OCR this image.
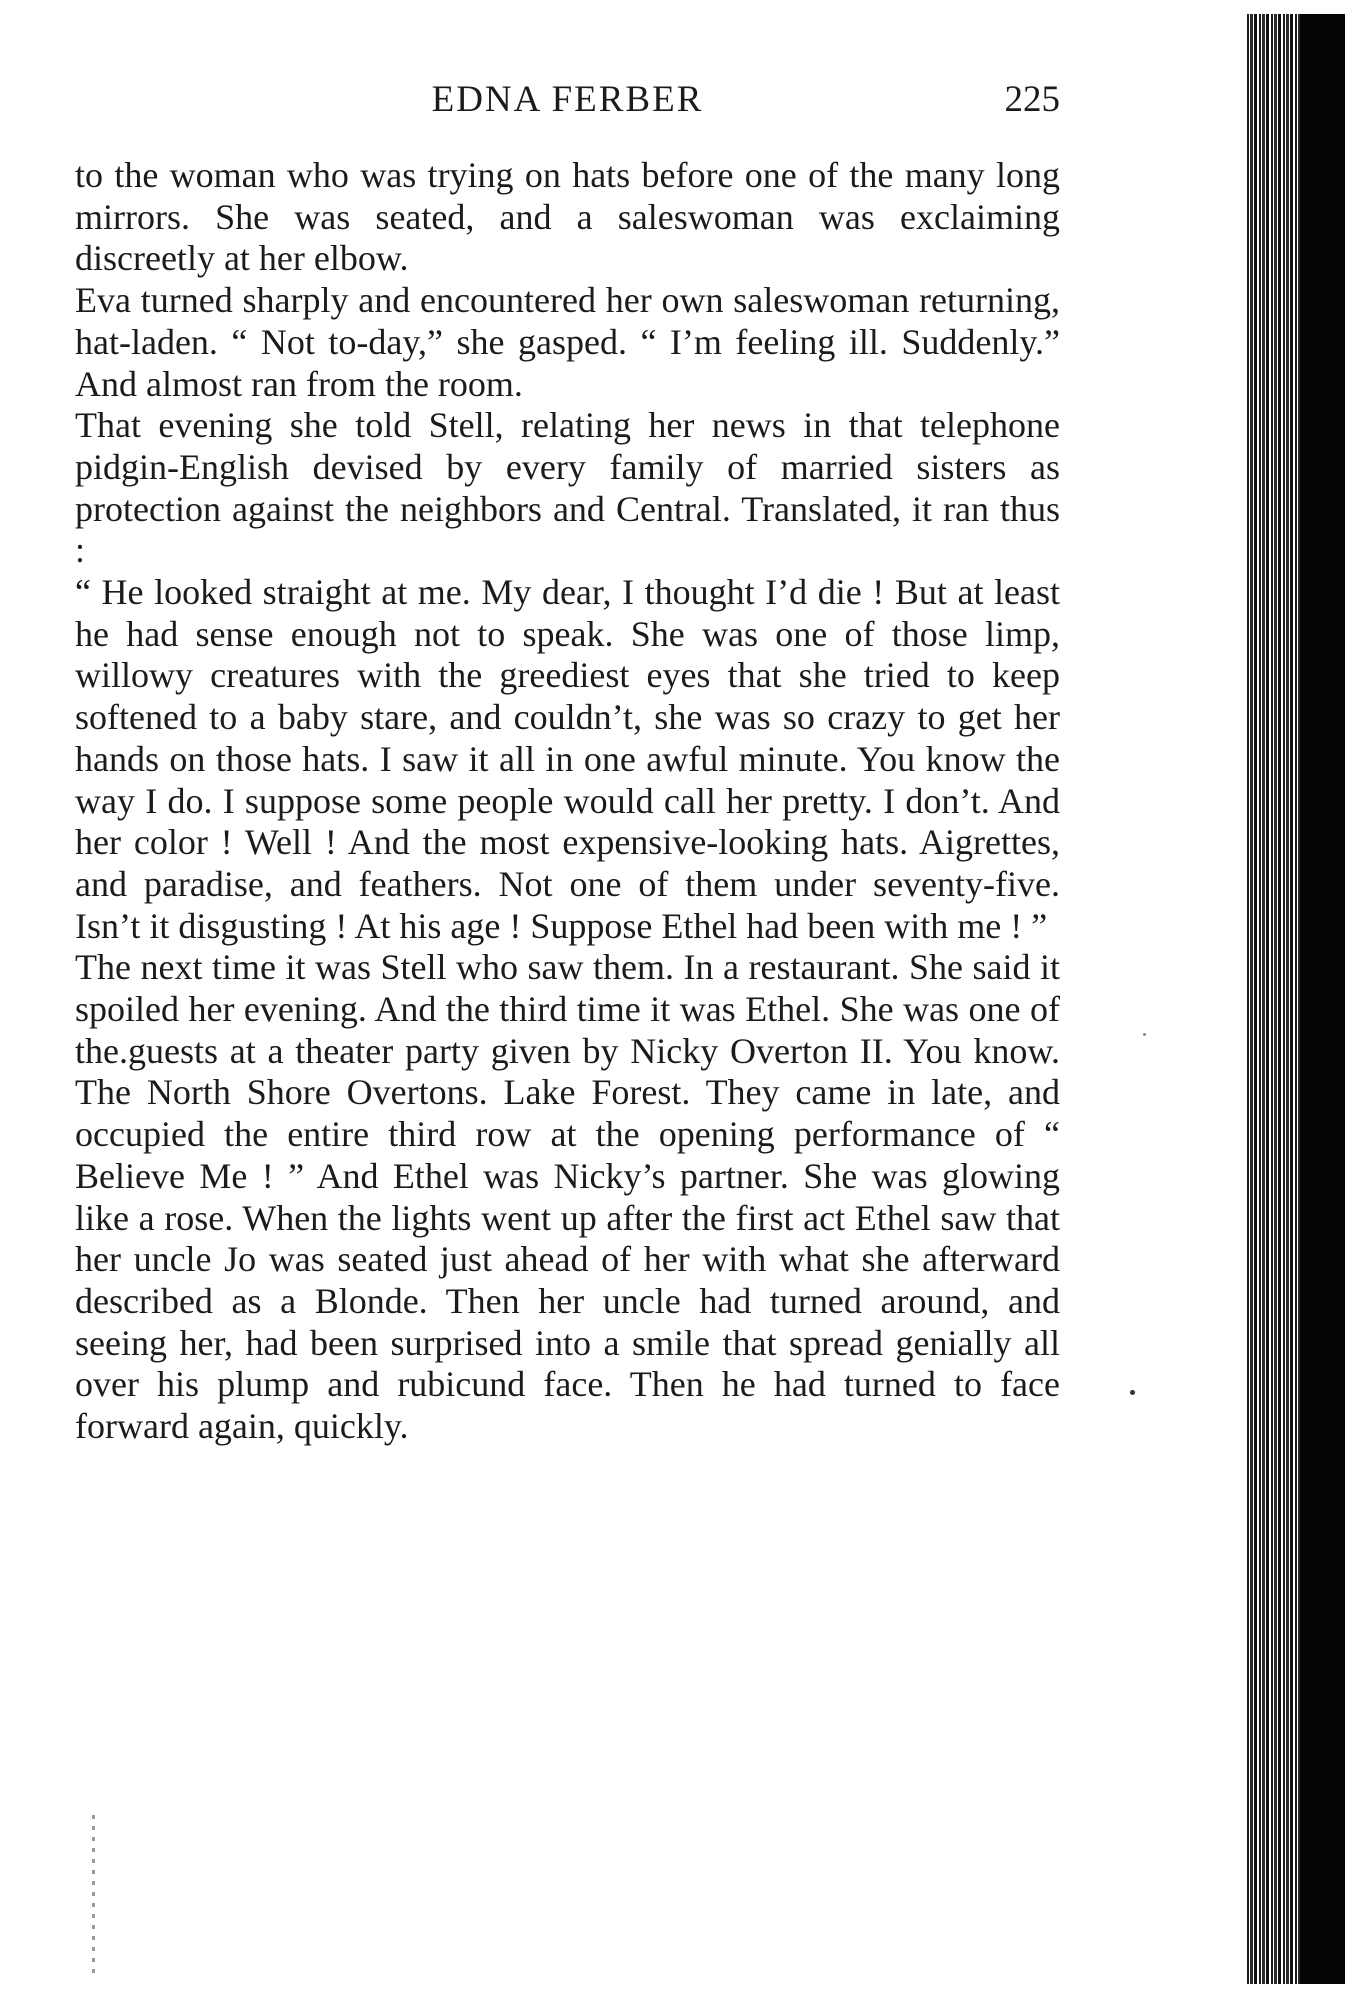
EDNA FERBER	225

to the woman who was trying on hats before one of the many long mirrors. She was seated, and a saleswoman was exclaiming discreetly at her elbow.

Eva turned sharply and encountered her own saleswoman returning, hat-laden. “ Not to-day,” she gasped. “ I’m feeling ill. Suddenly.” And almost ran from the room.

That evening she told Stell, relating her news in that telephone pidgin-English devised by every family of married sisters as protection against the neighbors and Central. Translated, it ran thus :

“ He looked straight at me. My dear, I thought I’d die ! But at least he had sense enough not to speak. She was one of those limp, willowy creatures with the greediest eyes that she tried to keep softened to a baby stare, and couldn’t, she was so crazy to get her hands on those hats. I saw it all in one awful minute. You know the way I do. I suppose some people would call her pretty. I don’t. And her color ! Well ! And the most expensive-looking hats. Aigrettes, and paradise, and feathers. Not one of them under seventy-five. Isn’t it disgusting ! At his age ! Suppose Ethel had been with me ! ”

The next time it was Stell who saw them. In a restaurant. She said it spoiled her evening. And the third time it was Ethel. She was one of the.guests at a theater party given by Nicky Overton II. You know. The North Shore Overtons. Lake Forest. They came in late, and occupied the entire third row at the opening performance of “ Believe Me ! ” And Ethel was Nicky’s partner. She was glowing like a rose. When the lights went up after the first act Ethel saw that her uncle Jo was seated just ahead of her with what she afterward described as a Blonde. Then her uncle had turned around, and seeing her, had been surprised into a smile that spread genially all over his plump and rubicund face. Then he had turned to face forward again, quickly.
